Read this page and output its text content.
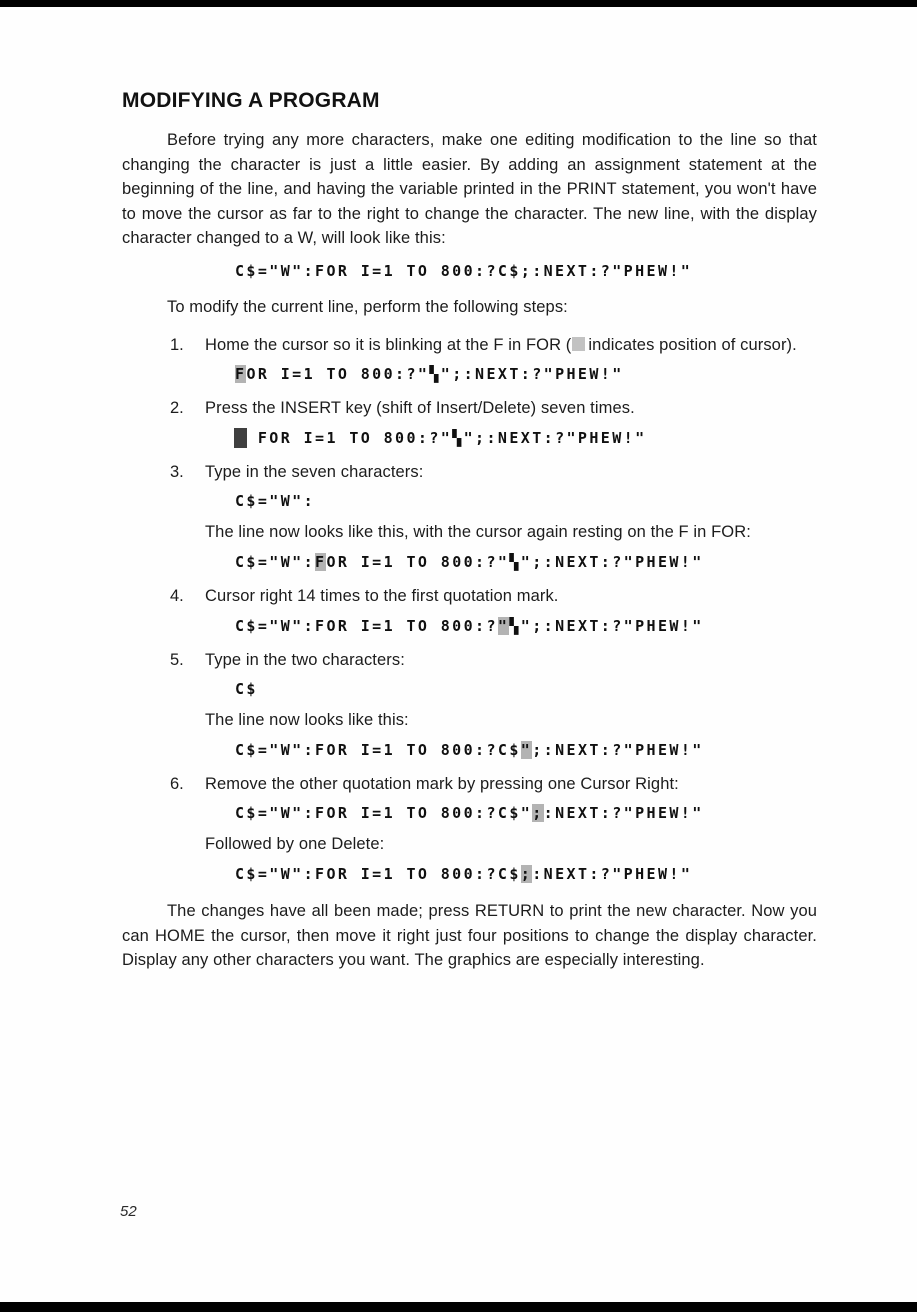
MODIFYING A PROGRAM

Before trying any more characters, make one editing modification to the line so that changing the character is just a little easier. By adding an assignment statement at the beginning of the line, and having the variable printed in the PRINT statement, you won't have to move the cursor as far to the right to change the character. The new line, with the display character changed to a W, will look like this:

C$="W":FOR I=1 TO 800:?C$;:NEXT:?"PHEW!"

To modify the current line, perform the following steps:

1.	Home the cursor so it is blinking at the F in FOR ( indicates position of cursor).

FOR I=1 TO 800:?"▚";:NEXT:?"PHEW!"
2.	Press the INSERT key (shift of Insert/Delete) seven times.

FOR I=1 TO 800:?"▚";:NEXT:?"PHEW!"
3.	Type in the seven characters:

C$="W":

The line now looks like this, with the cursor again resting on the F in FOR:

C$="W":FOR I=1 TO 800:?"▚";:NEXT:?"PHEW!"
4.	Cursor right 14 times to the first quotation mark.

C$="W":FOR I=1 TO 800:?"▚";:NEXT:?"PHEW!"
5.	Type in the two characters:

C$

The line now looks like this:

C$="W":FOR I=1 TO 800:?C$";:NEXT:?"PHEW!"
6.	Remove the other quotation mark by pressing one Cursor Right:

C$="W":FOR I=1 TO 800:?C$";:NEXT:?"PHEW!"

Followed by one Delete:

C$="W":FOR I=1 TO 800:?C$;:NEXT:?"PHEW!"

The changes have all been made; press RETURN to print the new character. Now you can HOME the cursor, then move it right just four positions to change the display character. Display any other characters you want. The graphics are especially interesting.

52
